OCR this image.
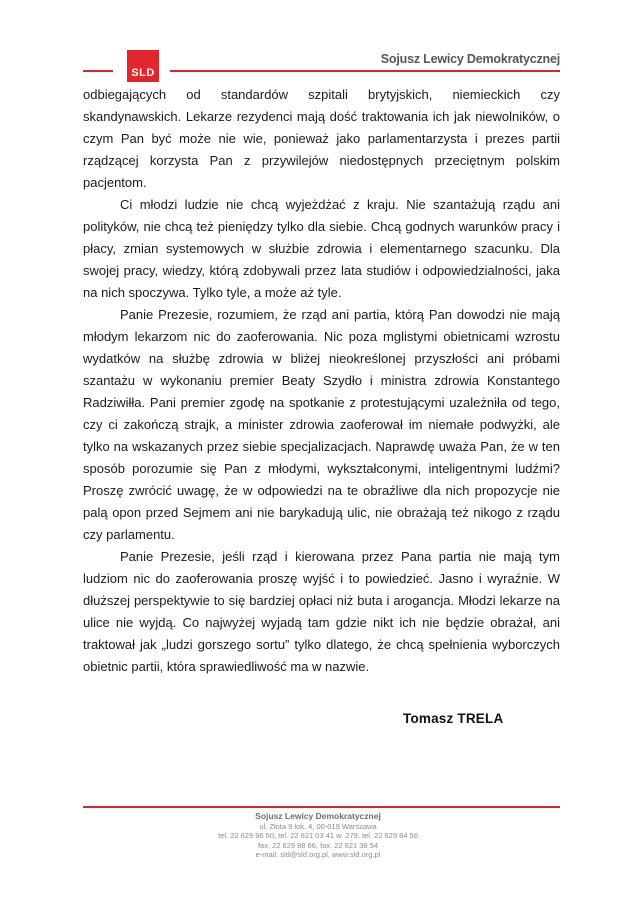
SLD
Sojusz Lewicy Demokratycznej

odbiegających od standardów szpitali brytyjskich, niemieckich czy skandynawskich. Lekarze rezydenci mają dość traktowania ich jak niewolników, o czym Pan być może nie wie, ponieważ jako parlamentarzysta i prezes partii rządzącej korzysta Pan z przywilejów niedostępnych przeciętnym polskim pacjentom.

Ci młodzi ludzie nie chcą wyjeżdżać z kraju. Nie szantażują rządu ani polityków, nie chcą też pieniędzy tylko dla siebie. Chcą godnych warunków pracy i płacy, zmian systemowych w służbie zdrowia i elementarnego szacunku. Dla swojej pracy, wiedzy, którą zdobywali przez lata studiów i odpowiedzialności, jaka na nich spoczywa. Tylko tyle, a może aż tyle.

Panie Prezesie, rozumiem, że rząd ani partia, którą Pan dowodzi nie mają młodym lekarzom nic do zaoferowania. Nic poza mglistymi obietnicami wzrostu wydatków na służbę zdrowia w bliżej nieokreślonej przyszłości ani próbami szantażu w wykonaniu premier Beaty Szydło i ministra zdrowia Konstantego Radziwiłła. Pani premier zgodę na spotkanie z protestującymi uzależniła od tego, czy ci zakończą strajk, a minister zdrowia zaoferował im niemałe podwyżki, ale tylko na wskazanych przez siebie specjalizacjach. Naprawdę uważa Pan, że w ten sposób porozumie się Pan z młodymi, wykształconymi, inteligentnymi ludźmi? Proszę zwrócić uwagę, że w odpowiedzi na te obraźliwe dla nich propozycje nie palą opon przed Sejmem ani nie barykadują ulic, nie obrażają też nikogo z rządu czy parlamentu.

Panie Prezesie, jeśli rząd i kierowana przez Pana partia nie mają tym ludziom nic do zaoferowania proszę wyjść i to powiedzieć. Jasno i wyraźnie. W dłuższej perspektywie to się bardziej opłaci niż buta i arogancja. Młodzi lekarze na ulice nie wyjdą. Co najwyżej wyjadą tam gdzie nikt ich nie będzie obrażał, ani traktował jak „ludzi gorszego sortu” tylko dlatego, że chcą spełnienia wyborczych obietnic partii, która sprawiedliwość ma w nazwie.

Tomasz TRELA
Sojusz Lewicy Demokratycznej
ul. Złota 9 lok. 4, 00-019 Warszawa
tel. 22 629 96 50, tel. 22 621 03 41 w. 279, tel. 22 629 84 56
fax. 22 629 88 66, fax. 22 621 38 54
e-mail: sld@sld.org.pl, www.sld.org.pl
